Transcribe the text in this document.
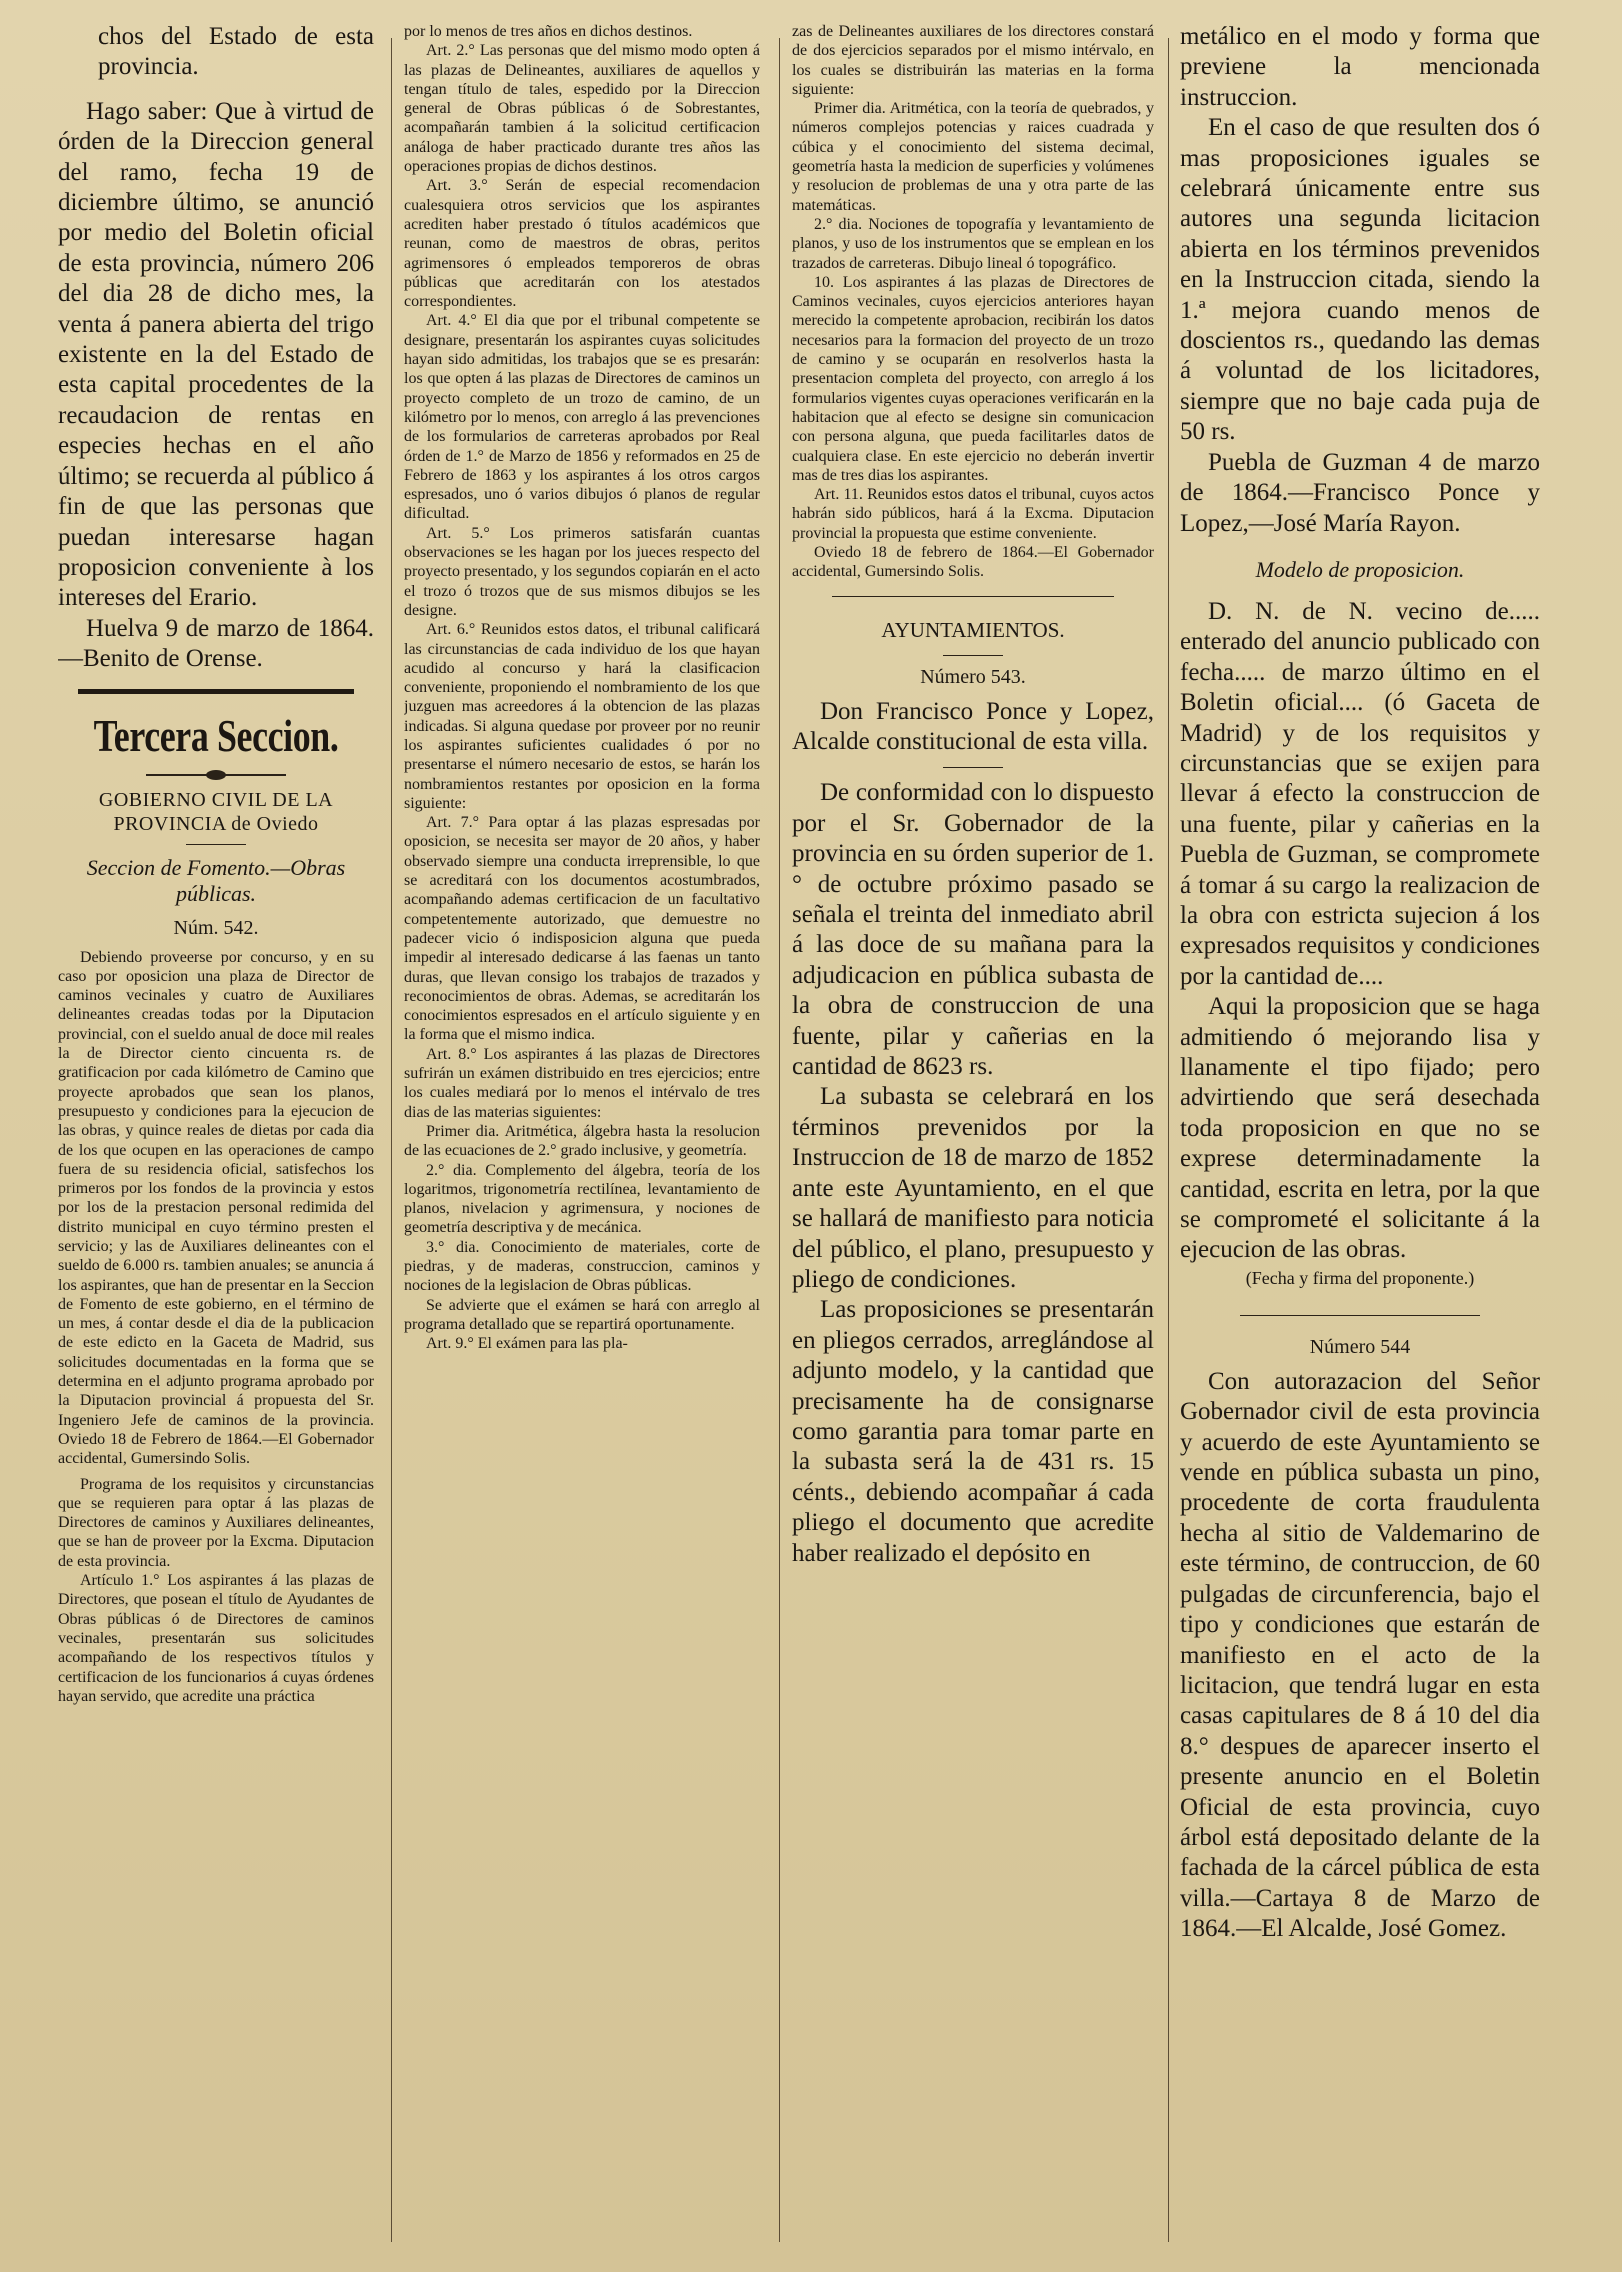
chos del Estado de esta provincia.

Hago saber: Que à virtud de órden de la Direccion general del ramo, fecha 19 de diciembre último, se anunció por medio del Boletin oficial de esta provincia, número 206 del dia 28 de dicho mes, la venta á panera abierta del trigo existente en la del Estado de esta capital procedentes de la recaudacion de rentas en especies hechas en el año último; se recuerda al público á fin de que las personas que puedan interesarse hagan proposicion conveniente à los intereses del Erario.

Huelva 9 de marzo de 1864.—Benito de Orense.

Tercera Seccion.
GOBIERNO CIVIL DE LA PROVINCIA de Oviedo
Seccion de Fomento.—Obras públicas.
Núm. 542.

Debiendo proveerse por concurso, y en su caso por oposicion una plaza de Director de caminos vecinales y cuatro de Auxiliares delineantes creadas todas por la Diputacion provincial, con el sueldo anual de doce mil reales la de Director ciento cincuenta rs. de gratificacion por cada kilómetro de Camino que proyecte aprobados que sean los planos, presupuesto y condiciones para la ejecucion de las obras, y quince reales de dietas por cada dia de los que ocupen en las operaciones de campo fuera de su residencia oficial, satisfechos los primeros por los fondos de la provincia y estos por los de la prestacion personal redimida del distrito municipal en cuyo término presten el servicio; y las de Auxiliares delineantes con el sueldo de 6.000 rs. tambien anuales; se anuncia á los aspirantes, que han de presentar en la Seccion de Fomento de este gobierno, en el término de un mes, á contar desde el dia de la publicacion de este edicto en la Gaceta de Madrid, sus solicitudes documentadas en la forma que se determina en el adjunto programa aprobado por la Diputacion provincial á propuesta del Sr. Ingeniero Jefe de caminos de la provincia. Oviedo 18 de Febrero de 1864.—El Gobernador accidental, Gumersindo Solis.

Programa de los requisitos y circunstancias que se requieren para optar á las plazas de Directores de caminos y Auxiliares delineantes, que se han de proveer por la Excma. Diputacion de esta provincia.

Artículo 1.° Los aspirantes á las plazas de Directores, que posean el título de Ayudantes de Obras públicas ó de Directores de caminos vecinales, presentarán sus solicitudes acompañando de los respectivos títulos y certificacion de los funcionarios á cuyas órdenes hayan servido, que acredite una práctica

por lo menos de tres años en dichos destinos.

Art. 2.° Las personas que del mismo modo opten á las plazas de Delineantes, auxiliares de aquellos y tengan título de tales, espedido por la Direccion general de Obras públicas ó de Sobrestantes, acompañarán tambien á la solicitud certificacion análoga de haber practicado durante tres años las operaciones propias de dichos destinos.

Art. 3.° Serán de especial recomendacion cualesquiera otros servicios que los aspirantes acrediten haber prestado ó títulos académicos que reunan, como de maestros de obras, peritos agrimensores ó empleados temporeros de obras públicas que acreditarán con los atestados correspondientes.

Art. 4.° El dia que por el tribunal competente se designare, presentarán los aspirantes cuyas solicitudes hayan sido admitidas, los trabajos que se es presarán: los que opten á las plazas de Directores de caminos un proyecto completo de un trozo de camino, de un kilómetro por lo menos, con arreglo á las prevenciones de los formularios de carreteras aprobados por Real órden de 1.° de Marzo de 1856 y reformados en 25 de Febrero de 1863 y los aspirantes á los otros cargos espresados, uno ó varios dibujos ó planos de regular dificultad.

Art. 5.° Los primeros satisfarán cuantas observaciones se les hagan por los jueces respecto del proyecto presentado, y los segundos copiarán en el acto el trozo ó trozos que de sus mismos dibujos se les designe.

Art. 6.° Reunidos estos datos, el tribunal calificará las circunstancias de cada individuo de los que hayan acudido al concurso y hará la clasificacion conveniente, proponiendo el nombramiento de los que juzguen mas acreedores á la obtencion de las plazas indicadas. Si alguna quedase por proveer por no reunir los aspirantes suficientes cualidades ó por no presentarse el número necesario de estos, se harán los nombramientos restantes por oposicion en la forma siguiente:

Art. 7.° Para optar á las plazas espresadas por oposicion, se necesita ser mayor de 20 años, y haber observado siempre una conducta irreprensible, lo que se acreditará con los documentos acostumbrados, acompañando ademas certificacion de un facultativo competentemente autorizado, que demuestre no padecer vicio ó indisposicion alguna que pueda impedir al interesado dedicarse á las faenas un tanto duras, que llevan consigo los trabajos de trazados y reconocimientos de obras. Ademas, se acreditarán los conocimientos espresados en el artículo siguiente y en la forma que el mismo indica.

Art. 8.° Los aspirantes á las plazas de Directores sufrirán un exámen distribuido en tres ejercicios; entre los cuales mediará por lo menos el intérvalo de tres dias de las materias siguientes:

Primer dia. Aritmética, álgebra hasta la resolucion de las ecuaciones de 2.° grado inclusive, y geometría.

2.° dia. Complemento del álgebra, teoría de los logaritmos, trigonometría rectilínea, levantamiento de planos, nivelacion y agrimensura, y nociones de geometría descriptiva y de mecánica.

3.° dia. Conocimiento de materiales, corte de piedras, y de maderas, construccion, caminos y nociones de la legislacion de Obras públicas.

Se advierte que el exámen se hará con arreglo al programa detallado que se repartirá oportunamente.

Art. 9.° El exámen para las pla-

zas de Delineantes auxiliares de los directores constará de dos ejercicios separados por el mismo intérvalo, en los cuales se distribuirán las materias en la forma siguiente:

Primer dia. Aritmética, con la teoría de quebrados, y números complejos potencias y raices cuadrada y cúbica y el conocimiento del sistema decimal, geometría hasta la medicion de superficies y volúmenes y resolucion de problemas de una y otra parte de las matemáticas.

2.° dia. Nociones de topografía y levantamiento de planos, y uso de los instrumentos que se emplean en los trazados de carreteras. Dibujo lineal ó topográfico.

10. Los aspirantes á las plazas de Directores de Caminos vecinales, cuyos ejercicios anteriores hayan merecido la competente aprobacion, recibirán los datos necesarios para la formacion del proyecto de un trozo de camino y se ocuparán en resolverlos hasta la presentacion completa del proyecto, con arreglo á los formularios vigentes cuyas operaciones verificarán en la habitacion que al efecto se designe sin comunicacion con persona alguna, que pueda facilitarles datos de cualquiera clase. En este ejercicio no deberán invertir mas de tres dias los aspirantes.

Art. 11. Reunidos estos datos el tribunal, cuyos actos habrán sido públicos, hará á la Excma. Diputacion provincial la propuesta que estime conveniente.

Oviedo 18 de febrero de 1864.—El Gobernador accidental, Gumersindo Solis.

AYUNTAMIENTOS.
Número 543.

Don Francisco Ponce y Lopez, Alcalde constitucional de esta villa.

De conformidad con lo dispuesto por el Sr. Gobernador de la provincia en su órden superior de 1.° de octubre próximo pasado se señala el treinta del inmediato abril á las doce de su mañana para la adjudicacion en pública subasta de la obra de construccion de una fuente, pilar y cañerias en la cantidad de 8623 rs.

La subasta se celebrará en los términos prevenidos por la Instruccion de 18 de marzo de 1852 ante este Ayuntamiento, en el que se hallará de manifiesto para noticia del público, el plano, presupuesto y pliego de condiciones.

Las proposiciones se presentarán en pliegos cerrados, arreglándose al adjunto modelo, y la cantidad que precisamente ha de consignarse como garantia para tomar parte en la subasta será la de 431 rs. 15 cénts., debiendo acompañar á cada pliego el documento que acredite haber realizado el depósito en

metálico en el modo y forma que previene la mencionada instruccion.

En el caso de que resulten dos ó mas proposiciones iguales se celebrará únicamente entre sus autores una segunda licitacion abierta en los términos prevenidos en la Instruccion citada, siendo la 1.ª mejora cuando menos de doscientos rs., quedando las demas á voluntad de los licitadores, siempre que no baje cada puja de 50 rs.

Puebla de Guzman 4 de marzo de 1864.—Francisco Ponce y Lopez,—José María Rayon.

Modelo de proposicion.

D. N. de N. vecino de..... enterado del anuncio publicado con fecha..... de marzo último en el Boletin oficial.... (ó Gaceta de Madrid) y de los requisitos y circunstancias que se exijen para llevar á efecto la construccion de una fuente, pilar y cañerias en la Puebla de Guzman, se compromete á tomar á su cargo la realizacion de la obra con estricta sujecion á los expresados requisitos y condiciones por la cantidad de....

Aqui la proposicion que se haga admitiendo ó mejorando lisa y llanamente el tipo fijado; pero advirtiendo que será desechada toda proposicion en que no se exprese determinadamente la cantidad, escrita en letra, por la que se comprometé el solicitante á la ejecucion de las obras.

(Fecha y firma del proponente.)
Número 544

Con autorazacion del Señor Gobernador civil de esta provincia y acuerdo de este Ayuntamiento se vende en pública subasta un pino, procedente de corta fraudulenta hecha al sitio de Valdemarino de este término, de contruccion, de 60 pulgadas de circunferencia, bajo el tipo y condiciones que estarán de manifiesto en el acto de la licitacion, que tendrá lugar en esta casas capitulares de 8 á 10 del dia 8.° despues de aparecer inserto el presente anuncio en el Boletin Oficial de esta provincia, cuyo árbol está depositado delante de la fachada de la cárcel pública de esta villa.—Cartaya 8 de Marzo de 1864.—El Alcalde, José Gomez.
